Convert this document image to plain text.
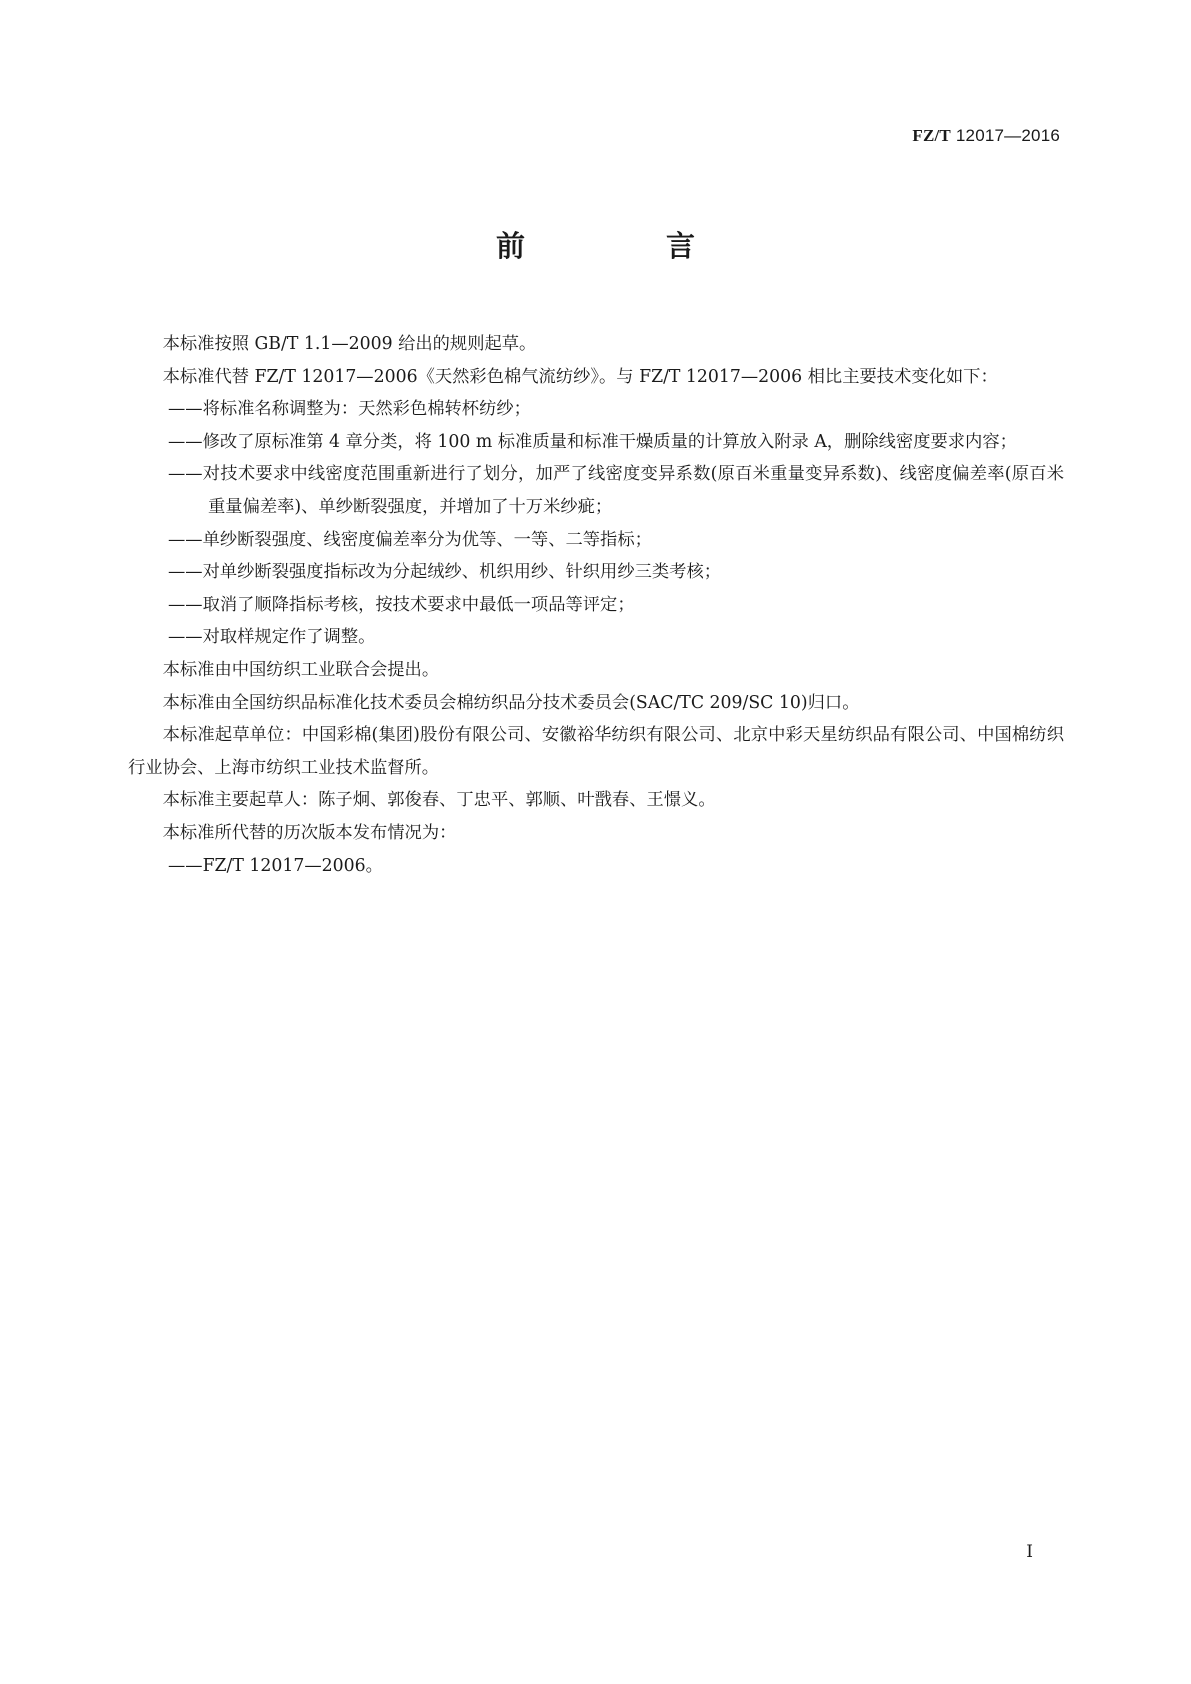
FZ/T 12017—2016
前　言

本标准按照 GB/T 1.1—2009 给出的规则起草。

本标准代替 FZ/T 12017—2006《天然彩色棉气流纺纱》。与 FZ/T 12017—2006 相比主要技术变化如下：

——将标准名称调整为：天然彩色棉转杯纺纱；

——修改了原标准第 4 章分类，将 100 m 标准质量和标准干燥质量的计算放入附录 A，删除线密度要求内容；

——对技术要求中线密度范围重新进行了划分，加严了线密度变异系数(原百米重量变异系数)、线密度偏差率(原百米重量偏差率)、单纱断裂强度，并增加了十万米纱疵；

——单纱断裂强度、线密度偏差率分为优等、一等、二等指标；

——对单纱断裂强度指标改为分起绒纱、机织用纱、针织用纱三类考核；

——取消了顺降指标考核，按技术要求中最低一项品等评定；

——对取样规定作了调整。

本标准由中国纺织工业联合会提出。

本标准由全国纺织品标准化技术委员会棉纺织品分技术委员会(SAC/TC 209/SC 10)归口。

本标准起草单位：中国彩棉(集团)股份有限公司、安徽裕华纺织有限公司、北京中彩天星纺织品有限公司、中国棉纺织行业协会、上海市纺织工业技术监督所。

本标准主要起草人：陈子炯、郭俊春、丁忠平、郭顺、叶戬春、王憬义。

本标准所代替的历次版本发布情况为：

——FZ/T 12017—2006。

I
